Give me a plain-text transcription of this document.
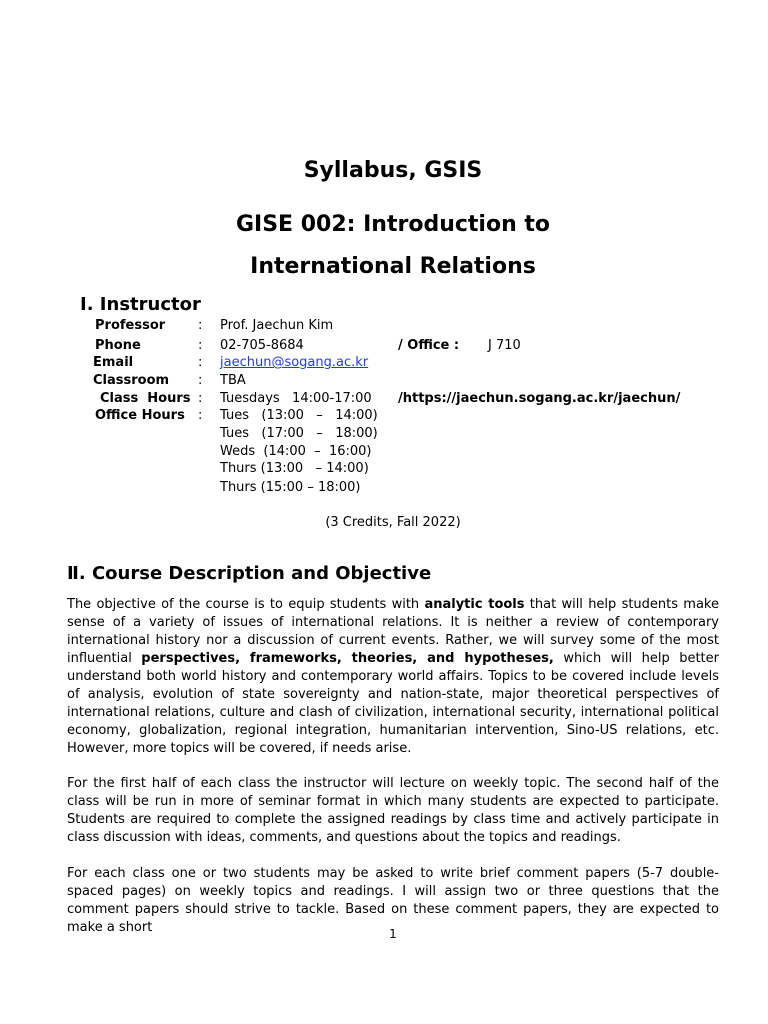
Syllabus, GSIS
GISE 002: Introduction to
International Relations
Ⅰ. Instructor
Professor	: Prof. Jaechun Kim
Phone	: 02-705-8684	/ Office : J 710
Email	: jaechun@sogang.ac.kr
Classroom : TBA
Class  Hours : Tuesdays   14:00-17:00 /https://jaechun.sogang.ac.kr/jaechun/
Office Hours : Tues   (13:00   –   14:00)
Tues   (17:00   –   18:00)
Weds  (14:00  –  16:00)
Thurs (13:00   – 14:00)
Thurs (15:00 – 18:00)
(3 Credits, Fall 2022)
Ⅱ. Course Description and Objective

The objective of the course is to equip students with analytic tools that will help students make sense of a variety of issues of international relations. It is neither a review of contemporary international history nor a discussion of current events. Rather, we will survey some of the most influential perspectives, frameworks, theories, and hypotheses, which will help better understand both world history and contemporary world affairs. Topics to be covered include levels of analysis, evolution of state sovereignty and nation-state, major theoretical perspectives of international relations, culture and clash of civilization, international security, international political economy, globalization, regional integration, humanitarian intervention, Sino-US relations, etc. However, more topics will be covered, if needs arise.

For the first half of each class the instructor will lecture on weekly topic. The second half of the class will be run in more of seminar format in which many students are expected to participate. Students are required to complete the assigned readings by class time and actively participate in class discussion with ideas, comments, and questions about the topics and readings.

For each class one or two students may be asked to write brief comment papers (5-7 double-spaced pages) on weekly topics and readings. I will assign two or three questions that the comment papers should strive to tackle. Based on these comment papers, they are expected to make a short	1
